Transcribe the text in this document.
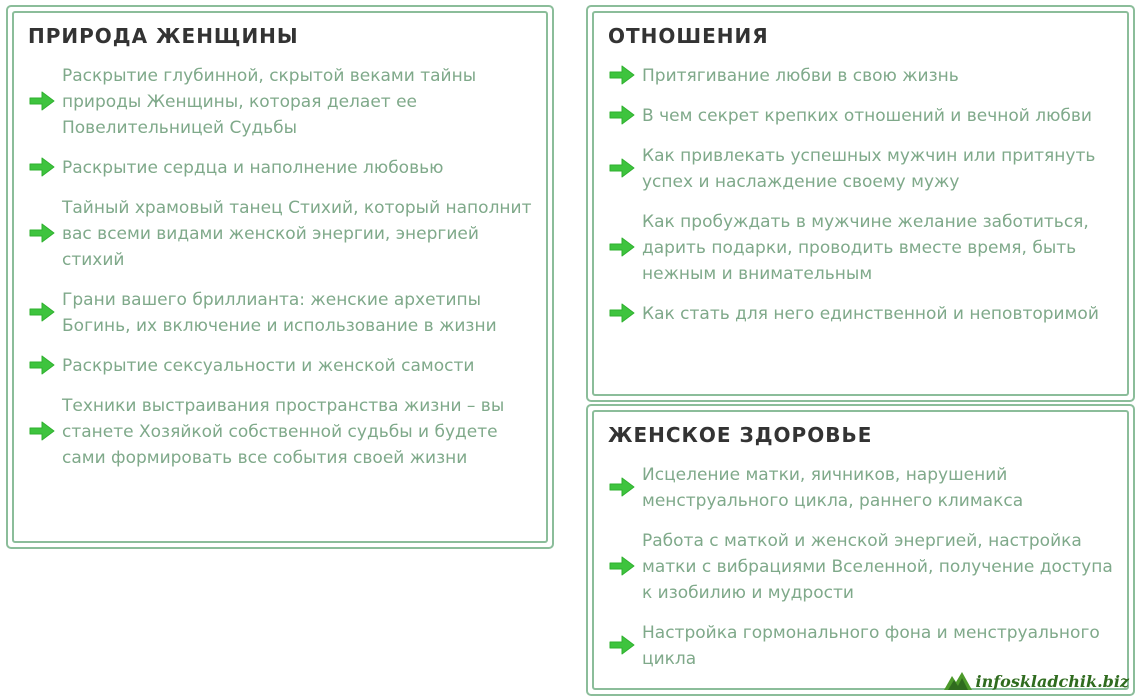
ПРИРОДА ЖЕНЩИНЫ
Раскрытие глубинной, скрытой веками тайны природы Женщины, которая делает ее Повелительницей Судьбы
Раскрытие сердца и наполнение любовью
Тайный храмовый танец Стихий, который наполнит вас всеми видами женской энергии, энергией стихий
Грани вашего бриллианта: женские архетипы Богинь, их включение и использование в жизни
Раскрытие сексуальности и женской самости
Техники выстраивания пространства жизни – вы станете Хозяйкой собственной судьбы и будете сами формировать все события своей жизни
ОТНОШЕНИЯ
Притягивание любви в свою жизнь
В чем секрет крепких отношений и вечной любви
Как привлекать успешных мужчин или притянуть успех и наслаждение своему мужу
Как пробуждать в мужчине желание заботиться, дарить подарки, проводить вместе время, быть нежным и внимательным
Как стать для него единственной и неповторимой
ЖЕНСКОЕ ЗДОРОВЬЕ
Исцеление матки, яичников, нарушений менструального цикла, раннего климакса
Работа с маткой и женской энергией, настройка матки с вибрациями Вселенной, получение доступа к изобилию и мудрости
Настройка гормонального фона и менструального цикла
infoskladchik.biz
